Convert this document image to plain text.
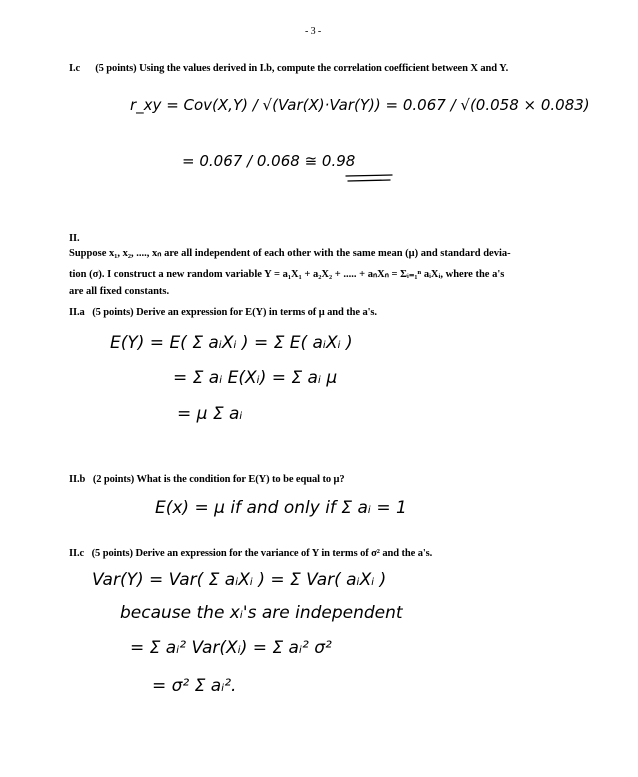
- 3 -
I.c (5 points) Using the values derived in I.b, compute the correlation coefficient between X and Y.
r_xy = Cov(X,Y) / √(Var(X)·Var(Y)) = 0.067 / √(0.058 × 0.083)
= 0.067 / 0.068 ≅ 0.98
II.

Suppose x₁, x₂, ...., xₙ are all independent of each other with the same mean (μ) and standard devia-

tion (σ). I construct a new random variable Y = a₁X₁ + a₂X₂ + ..... + aₙXₙ = Σᵢ₌₁ⁿ aᵢXᵢ, where the a's

are all fixed constants.

II.a (5 points) Derive an expression for E(Y) in terms of μ and the a's.
E(Y) = E( Σ aᵢXᵢ ) = Σ E( aᵢXᵢ )
= Σ aᵢ E(Xᵢ) = Σ aᵢ μ
= μ Σ aᵢ
II.b (2 points) What is the condition for E(Y) to be equal to μ?
E(x) = μ if and only if Σ aᵢ = 1
II.c (5 points) Derive an expression for the variance of Y in terms of σ² and the a's.
Var(Y) = Var( Σ aᵢXᵢ ) = Σ Var( aᵢXᵢ )
because the xᵢ's are independent
= Σ aᵢ² Var(Xᵢ) = Σ aᵢ² σ²
= σ² Σ aᵢ².
